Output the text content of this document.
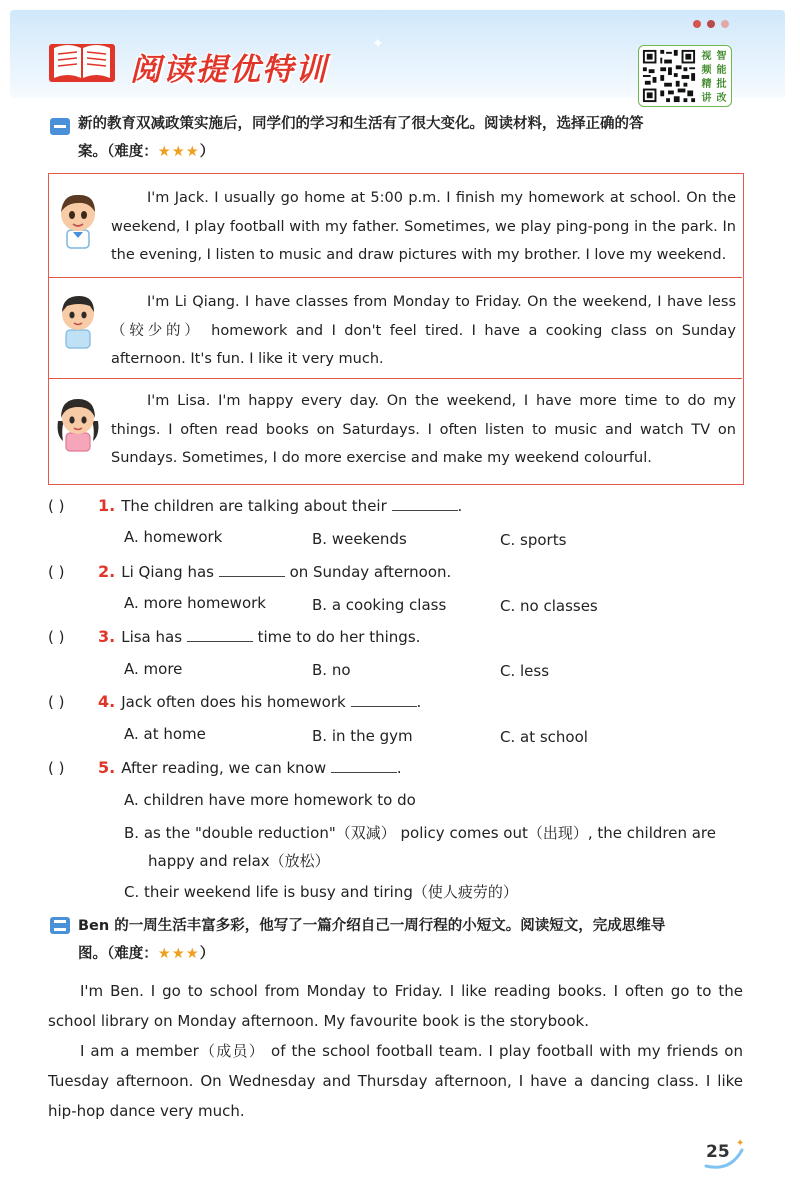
阅读提优特训
✦
视 智
频 能
精 批
讲 改
新的教育双减政策实施后，同学们的学习和生活有了很大变化。阅读材料，选择正确的答
案。（难度：★★★）
I'm Jack. I usually go home at 5:00 p.m. I finish my homework at school. On the weekend, I play football with my father. Sometimes, we play ping-pong in the park. In the evening, I listen to music and draw pictures with my brother. I love my weekend.
I'm Li Qiang. I have classes from Monday to Friday. On the weekend, I have less（较少的） homework and I don't feel tired. I have a cooking class on Sunday afternoon. It's fun. I like it very much.
I'm Lisa. I'm happy every day. On the weekend, I have more time to do my things. I often read books on Saturdays. I often listen to music and watch TV on Sundays. Sometimes, I do more exercise and make my weekend colourful.
( ) 1. The children are talking about their	.
A. homework	B. weekends	C. sports
( ) 2. Li Qiang has	on Sunday afternoon.
A. more homework	B. a cooking class	C. no classes
( ) 3. Lisa has	time to do her things.
A. more	B. no	C. less
( ) 4. Jack often does his homework	.
A. at home	B. in the gym	C. at school
( ) 5. After reading, we can know	.
A. children have more homework to do
B. as the "double reduction"（双减） policy comes out（出现）, the children are
happy and relax（放松）
C. their weekend life is busy and tiring（使人疲劳的）
Ben 的一周生活丰富多彩，他写了一篇介绍自己一周行程的小短文。阅读短文，完成思维导
图。（难度：★★★）

I'm Ben. I go to school from Monday to Friday. I like reading books. I often go to the school library on Monday afternoon. My favourite book is the storybook.

I am a member（成员） of the school football team. I play football with my friends on Tuesday afternoon. On Wednesday and Thursday afternoon, I have a dancing class. I like hip-hop dance very much.

✦
25
